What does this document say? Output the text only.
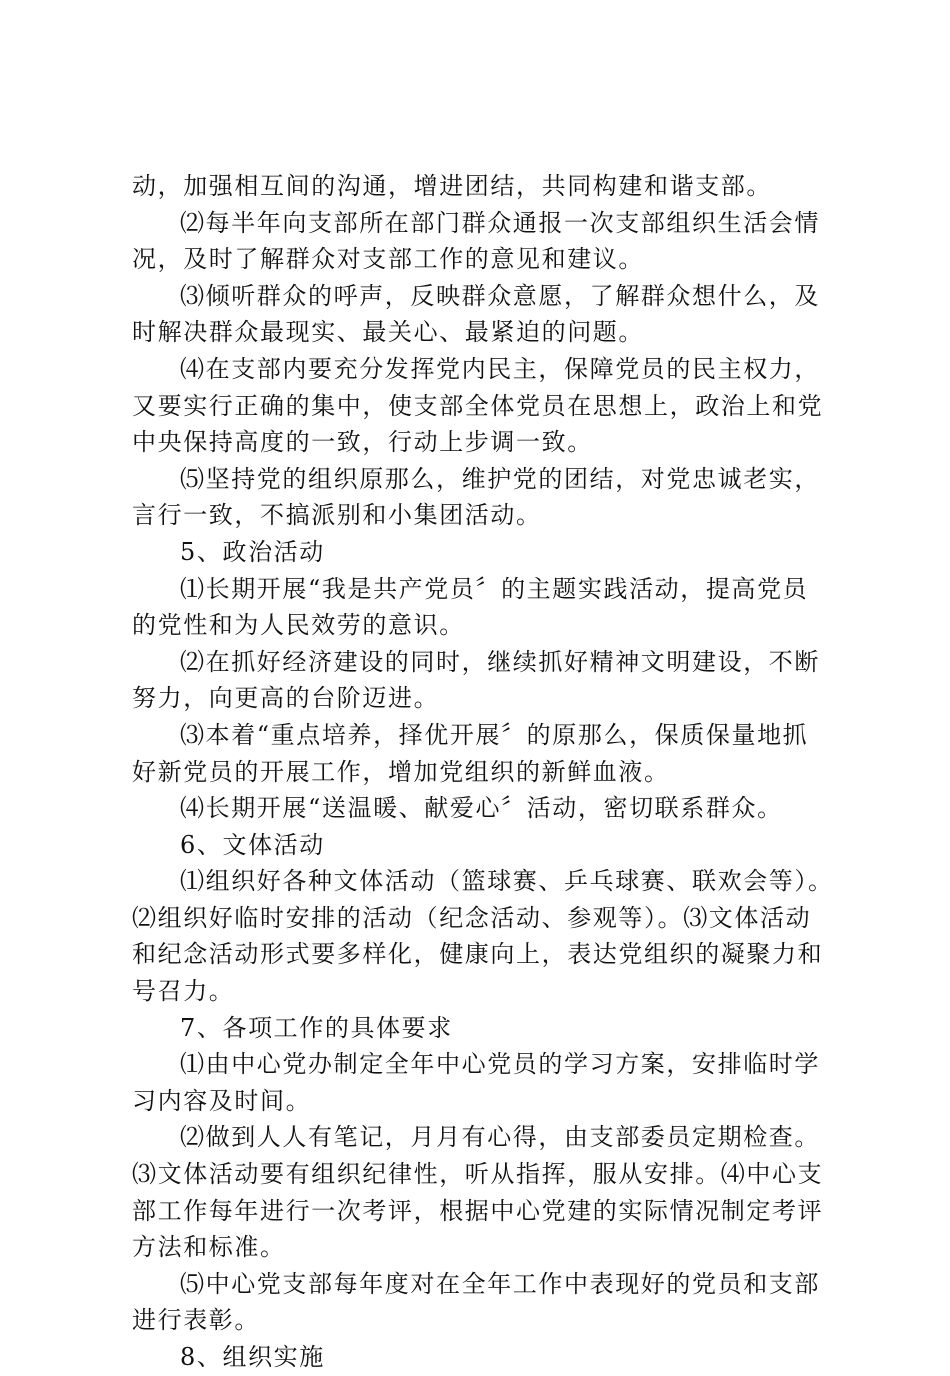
动，加强相互间的沟通，增进团结，共同构建和谐支部。
⑵每半年向支部所在部门群众通报一次支部组织生活会情
况，及时了解群众对支部工作的意见和建议。
⑶倾听群众的呼声，反映群众意愿，了解群众想什么，及
时解决群众最现实、最关心、最紧迫的问题。
⑷在支部内要充分发挥党内民主，保障党员的民主权力，
又要实行正确的集中，使支部全体党员在思想上，政治上和党
中央保持高度的一致，行动上步调一致。
⑸坚持党的组织原那么，维护党的团结，对党忠诚老实，
言行一致，不搞派别和小集团活动。
5、政治活动
⑴长期开展“我是共产党员〞的主题实践活动，提高党员
的党性和为人民效劳的意识。
⑵在抓好经济建设的同时，继续抓好精神文明建设，不断
努力，向更高的台阶迈进。
⑶本着“重点培养，择优开展〞的原那么，保质保量地抓
好新党员的开展工作，增加党组织的新鲜血液。
⑷长期开展“送温暖、献爱心〞活动，密切联系群众。
6、文体活动
⑴组织好各种文体活动（篮球赛、乒乓球赛、联欢会等）。
⑵组织好临时安排的活动（纪念活动、参观等）。⑶文体活动
和纪念活动形式要多样化，健康向上，表达党组织的凝聚力和
号召力。
7、各项工作的具体要求
⑴由中心党办制定全年中心党员的学习方案，安排临时学
习内容及时间。
⑵做到人人有笔记，月月有心得，由支部委员定期检查。
⑶文体活动要有组织纪律性，听从指挥，服从安排。⑷中心支
部工作每年进行一次考评，根据中心党建的实际情况制定考评
方法和标准。
⑸中心党支部每年度对在全年工作中表现好的党员和支部
进行表彰。
8、组织实施
